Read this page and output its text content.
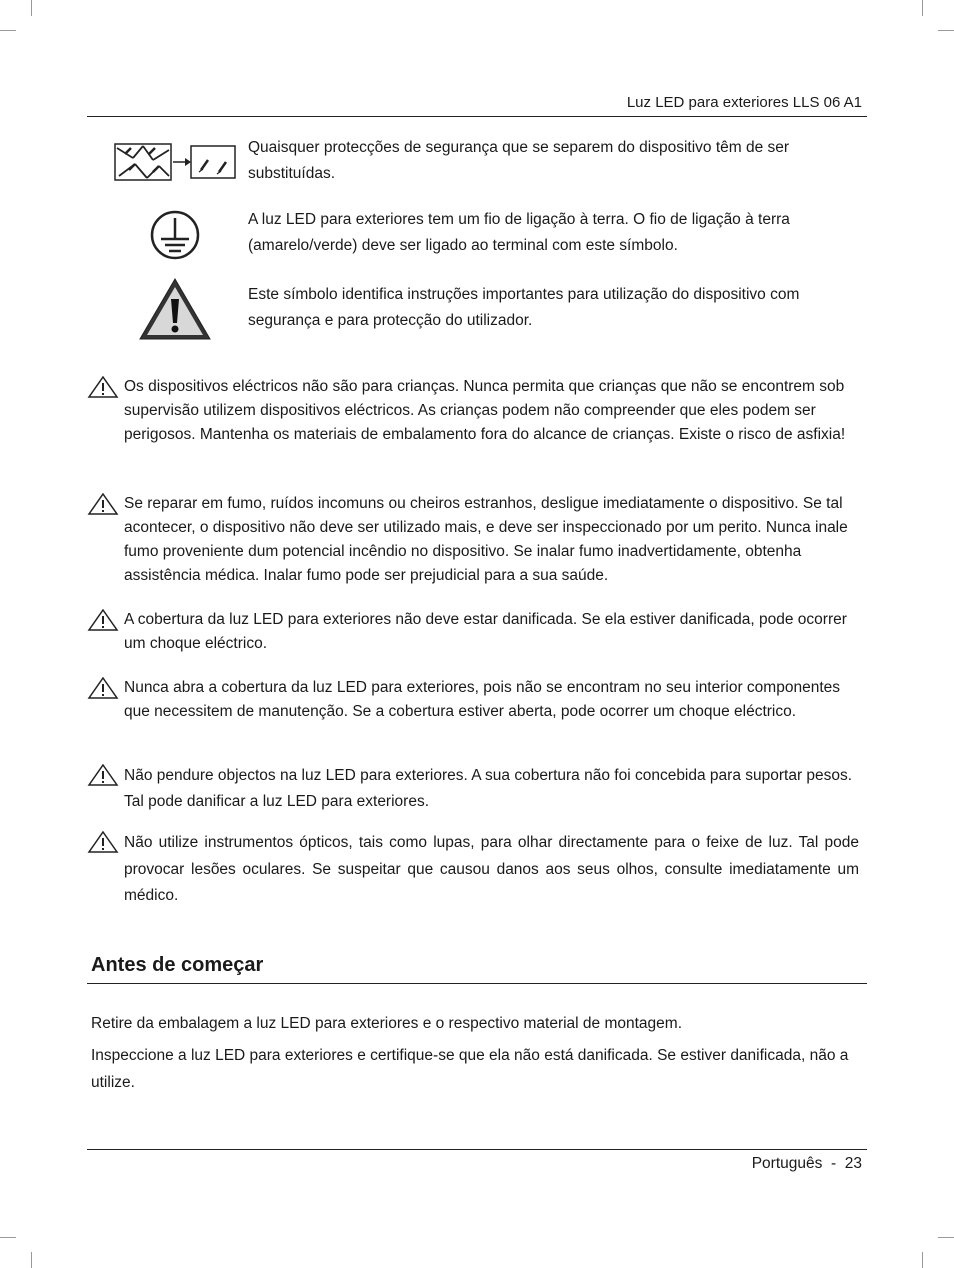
Luz LED para exteriores LLS 06 A1
Quaisquer protecções de segurança que se separem do dispositivo têm de ser substituídas.
A luz LED para exteriores tem um fio de ligação à terra. O fio de ligação à terra (amarelo/verde) deve ser ligado ao terminal com este símbolo.
Este símbolo identifica instruções importantes para utilização do dispositivo com segurança e para protecção do utilizador.
Os dispositivos eléctricos não são para crianças. Nunca permita que crianças que não se encontrem sob supervisão utilizem dispositivos eléctricos. As crianças podem não compreender que eles podem ser perigosos. Mantenha os materiais de embalamento fora do alcance de crianças. Existe o risco de asfixia!
Se reparar em fumo, ruídos incomuns ou cheiros estranhos, desligue imediatamente o dispositivo. Se tal acontecer, o dispositivo não deve ser utilizado mais, e deve ser inspeccionado por um perito. Nunca inale fumo proveniente dum potencial incêndio no dispositivo. Se inalar fumo inadvertidamente, obtenha assistência médica. Inalar fumo pode ser prejudicial para a sua saúde.
A cobertura da luz LED para exteriores não deve estar danificada. Se ela estiver danificada, pode ocorrer um choque eléctrico.
Nunca abra a cobertura da luz LED para exteriores, pois não se encontram no seu interior componentes que necessitem de manutenção. Se a cobertura estiver aberta, pode ocorrer um choque eléctrico.
Não pendure objectos na luz LED para exteriores. A sua cobertura não foi concebida para suportar pesos. Tal pode danificar a luz LED para exteriores.
Não utilize instrumentos ópticos, tais como lupas, para olhar directamente para o feixe de luz. Tal pode provocar lesões oculares. Se suspeitar que causou danos aos seus olhos, consulte imediatamente um médico.
Antes de começar
Retire da embalagem a luz LED para exteriores e o respectivo material de montagem.
Inspeccione a luz LED para exteriores e certifique-se que ela não está danificada. Se estiver danificada, não a utilize.
Português  -  23
